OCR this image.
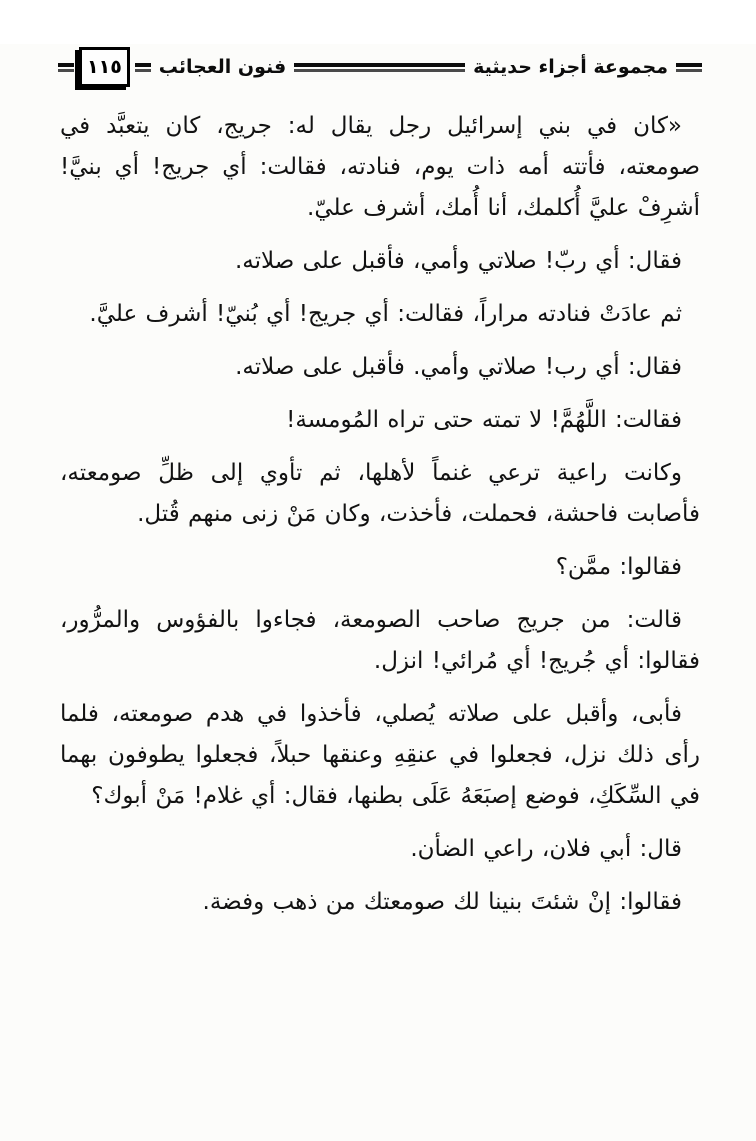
مجموعة أجزاء حديثية
فنون العجائب
١١٥

«كان في بني إسرائيل رجل يقال له: جريج، كان يتعبَّد في صومعته، فأتته أمه ذات يوم، فنادته، فقالت: أي جريج! أي بنيَّ! أشرِفْ عليَّ أُكلمك، أنا أُمك، أشرف عليّ.

فقال: أي ربّ! صلاتي وأمي، فأقبل على صلاته.

ثم عادَتْ فنادته مراراً، فقالت: أي جريج! أي بُنيّ! أشرف عليَّ.

فقال: أي رب! صلاتي وأمي. فأقبل على صلاته.

فقالت: اللَّهُمَّ! لا تمته حتى تراه المُومسة!

وكانت راعية ترعي غنماً لأهلها، ثم تأوي إلى ظلِّ صومعته، فأصابت فاحشة، فحملت، فأخذت، وكان مَنْ زنى منهم قُتل.

فقالوا: ممَّن؟

قالت: من جريج صاحب الصومعة، فجاءوا بالفؤوس والمرُّور، فقالوا: أي جُريج! أي مُرائي! انزل.

فأبى، وأقبل على صلاته يُصلي، فأخذوا في هدم صومعته، فلما رأى ذلك نزل، فجعلوا في عنقِهِ وعنقها حبلاً، فجعلوا يطوفون بهما في السِّكَكِ، فوضع إصبَعَهُ عَلَى بطنها، فقال: أي غلام! مَنْ أبوك؟

قال: أبي فلان، راعي الضأن.

فقالوا: إنْ شئتَ بنينا لك صومعتك من ذهب وفضة.
